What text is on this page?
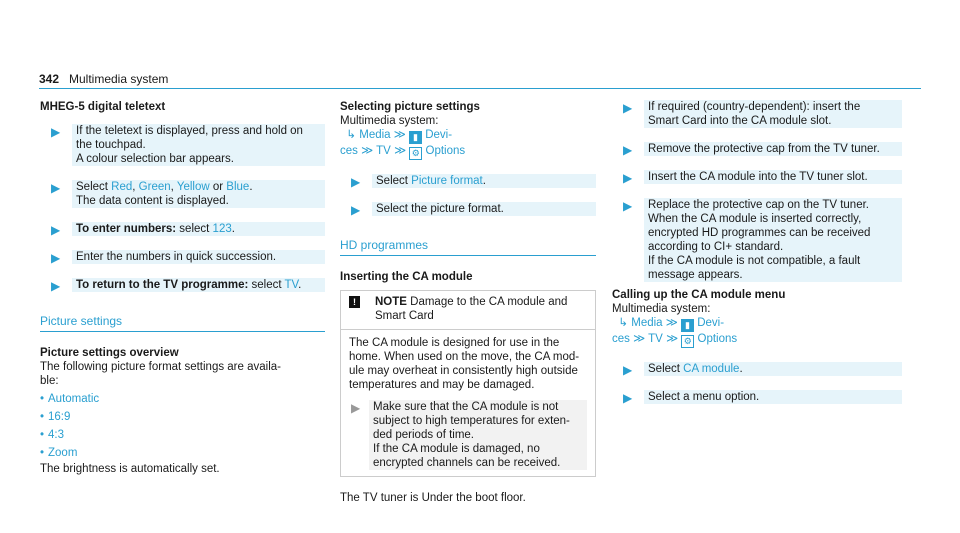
342 Multimedia system
MHEG-5 digital teletext
▶ If the teletext is displayed, press and hold on
the touchpad.
A colour selection bar appears.
▶ Select Red, Green, Yellow or Blue.
The data content is displayed.
▶ To enter numbers: select 123.
▶ Enter the numbers in quick succession.
▶ To return to the TV programme: select TV.
Picture settings
Picture settings overview
The following picture format settings are availa-
ble:
• Automatic
• 16:9
• 4:3
• Zoom
The brightness is automatically set.
Selecting picture settings
Multimedia system:
↳ Media ≫ ▮ Devi-
ces ≫ TV ≫ ⚙ Options
▶ Select Picture format.
▶ Select the picture format.
HD programmes
Inserting the CA module
!	NOTE Damage to the CA module and
Smart Card
The CA module is designed for use in the
home. When used on the move, the CA mod-
ule may overheat in consistently high outside
temperatures and may be damaged.
▶ Make sure that the CA module is not
subject to high temperatures for exten-
ded periods of time.
If the CA module is damaged, no
encrypted channels can be received.
The TV tuner is Under the boot floor.
▶ If required (country-dependent): insert the
Smart Card into the CA module slot.
▶ Remove the protective cap from the TV tuner.
▶ Insert the CA module into the TV tuner slot.
▶ Replace the protective cap on the TV tuner.
When the CA module is inserted correctly,
encrypted HD programmes can be received
according to CI+ standard.
If the CA module is not compatible, a fault
message appears.
Calling up the CA module menu
Multimedia system:
↳ Media ≫ ▮ Devi-
ces ≫ TV ≫ ⚙ Options
▶ Select CA module.
▶ Select a menu option.
